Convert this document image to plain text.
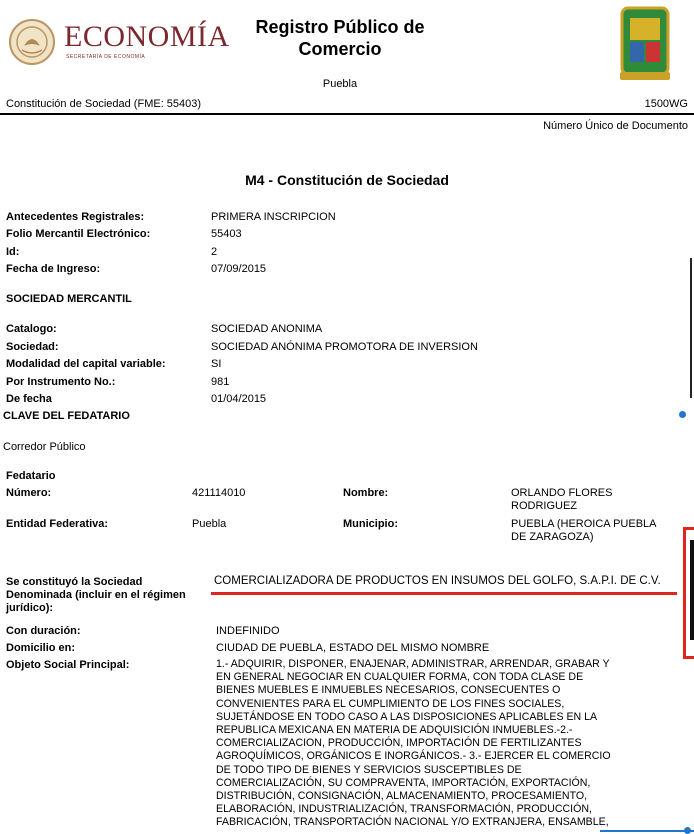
ECONOMÍA
SECRETARÍA DE ECONOMÍA
Registro Público de
Comercio
Puebla
Constitución de Sociedad (FME: 55403)	1500WG
Número Único de Documento
M4 - Constitución de Sociedad
Antecedentes Registrales:	PRIMERA INSCRIPCION
Folio Mercantil Electrónico:	55403
Id:	2
Fecha de Ingreso:	07/09/2015
SOCIEDAD MERCANTIL
Catalogo:	SOCIEDAD ANONIMA
Sociedad:	SOCIEDAD ANÓNIMA PROMOTORA DE INVERSION
Modalidad del capital variable:	SI
Por Instrumento No.:	981
De fecha	01/04/2015
CLAVE DEL FEDATARIO
Corredor Público
Fedatario
Número:	421114010	Nombre:	ORLANDO FLORES
RODRIGUEZ
Entidad Federativa:	Puebla	Municipio:	PUEBLA (HEROICA PUEBLA
DE ZARAGOZA)
Se constituyó la Sociedad
Denominada (incluir en el régimen
jurídico):
COMERCIALIZADORA DE PRODUCTOS EN INSUMOS DEL GOLFO, S.A.P.I. DE C.V.
Con duración:	INDEFINIDO
Domicilio en:	CIUDAD DE PUEBLA, ESTADO DEL MISMO NOMBRE
Objeto Social Principal:	1.- ADQUIRIR, DISPONER, ENAJENAR, ADMINISTRAR, ARRENDAR, GRABAR Y
EN GENERAL NEGOCIAR EN CUALQUIER FORMA, CON TODA CLASE DE
BIENES MUEBLES E INMUEBLES NECESARIOS, CONSECUENTES O
CONVENIENTES PARA EL CUMPLIMIENTO DE LOS FINES SOCIALES,
SUJETÁNDOSE EN TODO CASO A LAS DISPOSICIONES APLICABLES EN LA
REPUBLICA MEXICANA EN MATERIA DE ADQUISICIÓN INMUEBLES.-2.-
COMERCIALIZACION, PRODUCCIÓN, IMPORTACIÓN DE FERTILIZANTES
AGROQUÍMICOS, ORGÁNICOS E INORGÁNICOS.- 3.- EJERCER EL COMERCIO
DE TODO TIPO DE BIENES Y SERVICIOS SUSCEPTIBLES DE
COMERCIALIZACIÓN, SU COMPRAVENTA, IMPORTACIÓN, EXPORTACIÓN,
DISTRIBUCIÓN, CONSIGNACIÓN, ALMACENAMIENTO, PROCESAMIENTO,
ELABORACIÓN, INDUSTRIALIZACIÓN, TRANSFORMACIÓN, PRODUCCIÓN,
FABRICACIÓN, TRANSPORTACIÓN NACIONAL Y/O EXTRANJERA, ENSAMBLE,
